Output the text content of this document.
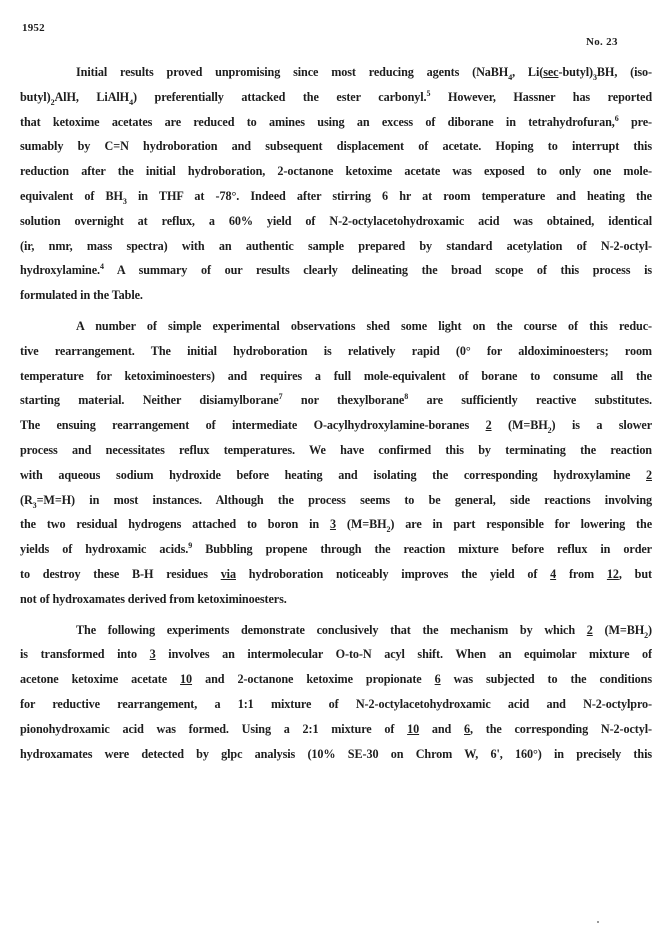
1952
No. 23
Initial results proved unpromising since most reducing agents (NaBH$_4$, $Li(\sec-butyl)_3BH$, (iso-
$butyl)_2AlH$, LiAlH$_4$) preferentially attacked the ester carbonyl.$^5$ However, Hassner has reported
that ketoxime acetates are reduced to amines using an excess of diborane in tetrahydrofuran,$^6$ pre-
sumably by C=N hydroboration and subsequent displacement of acetate. Hoping to interrupt this
reduction after the initial hydroboration, 2-octanone ketoxime acetate was exposed to only one mole-
equivalent of $BH_3$ in THF at -78°. Indeed after stirring 6 hr at room temperature and heating the
solution overnight at reflux, a 60% yield of N-2-octylacetohydroxamic acid was obtained, identical
(ir, nmr, mass spectra) with an authentic sample prepared by standard acetylation of N-2-octyl-
hydroxylamine.$^4$ A summary of our results clearly delineating the broad scope of this process is
formulated in the Table.
A number of simple experimental observations shed some light on the course of this reduc-
tive rearrangement. The initial hydroboration is relatively rapid (0° for aldoximinoesters; room
temperature for ketoximinoesters) and requires a full mole-equivalent of borane to consume all the
starting material. Neither disiamylborane$^7$ nor thexylborane$^8$ are sufficiently reactive substitutes.
The ensuing rearrangement of intermediate O-acylhydroxylamine-boranes 2 $(M=BH_2)$ is a slower
process and necessitates reflux temperatures. We have confirmed this by terminating the reaction
with aqueous sodium hydroxide before heating and isolating the corresponding hydroxylamine 2
$(R_3=M=H)$ in most instances. Although the process seems to be general, side reactions involving
the two residual hydrogens attached to boron in 3 $(M=BH_2)$ are in part responsible for lowering the
yields of hydroxamic acids.$^9$ Bubbling propene through the reaction mixture before reflux in order
to destroy these B-H residues via hydroboration noticeably improves the yield of 4 from 12, but
not of hydroxamates derived from ketoximinoesters.
The following experiments demonstrate conclusively that the mechanism by which 2 $(M=BH_2)$
is transformed into 3 involves an intermolecular O-to-N acyl shift. When an equimolar mixture of
acetone ketoxime acetate 10 and 2-octanone ketoxime propionate 6 was subjected to the conditions
for reductive rearrangement, a 1:1 mixture of N-2-octylacetohydroxamic acid and N-2-octylpro-
pionohydroxamic acid was formed. Using a 2:1 mixture of 10 and 6, the corresponding N-2-octyl-
hydroxamates were detected by glpc analysis (10% SE-30 on Chrom W, 6', 160°) in precisely this
